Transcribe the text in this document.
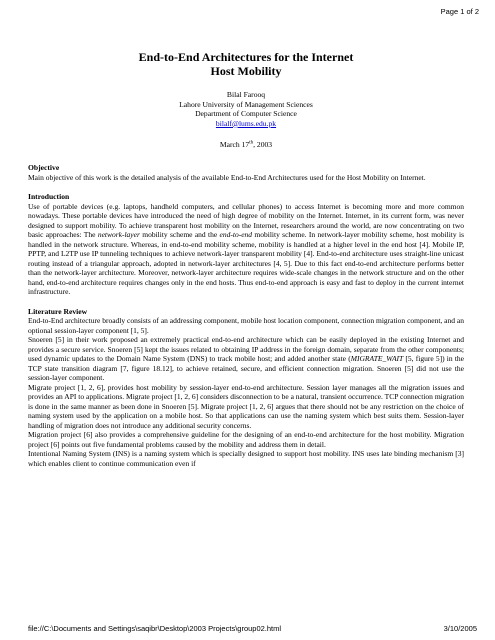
Page 1 of 2
End-to-End Architectures for the Internet
Host Mobility
Bilal Farooq
Lahore University of Management Sciences
Department of Computer Science
bilalf@lums.edu.pk
March 17th, 2003
Objective

Main objective of this work is the detailed analysis of the available End-to-End Architectures used for the Host Mobility on Internet.

Introduction

Use of portable devices (e.g. laptops, handheld computers, and cellular phones) to access Internet is becoming more and more common nowadays. These portable devices have introduced the need of high degree of mobility on the Internet. Internet, in its current form, was never designed to support mobility. To achieve transparent host mobility on the Internet, researchers around the world, are now concentrating on two basic approaches: The network-layer mobility scheme and the end-to-end mobility scheme. In network-layer mobility scheme, host mobility is handled in the network structure. Whereas, in end-to-end mobility scheme, mobility is handled at a higher level in the end host [4]. Mobile IP, PPTP, and L2TP use IP tunneling techniques to achieve network-layer transparent mobility [4]. End-to-end architecture uses straight-line unicast routing instead of a triangular approach, adopted in network-layer architectures [4, 5]. Due to this fact end-to-end architecture performs better than the network-layer architecture. Moreover, network-layer architecture requires wide-scale changes in the network structure and on the other hand, end-to-end architecture requires changes only in the end hosts. Thus end-to-end approach is easy and fast to deploy in the current internet infrastructure.

Literature Review

End-to-End architecture broadly consists of an addressing component, mobile host location component, connection migration component, and an optional session-layer component [1, 5].

Snoeren [5] in their work proposed an extremely practical end-to-end architecture which can be easily deployed in the existing Internet and provides a secure service. Snoeren [5] kept the issues related to obtaining IP address in the foreign domain, separate from the other components; used dynamic updates to the Domain Name System (DNS) to track mobile host; and added another state (MIGRATE_WAIT [5, figure 5]) in the TCP state transition diagram [7, figure 18.12], to achieve retained, secure, and efficient connection migration. Snoeren [5] did not use the session-layer component.

Migrate project [1, 2, 6], provides host mobility by session-layer end-to-end architecture. Session layer manages all the migration issues and provides an API to applications. Migrate project [1, 2, 6] considers disconnection to be a natural, transient occurrence. TCP connection migration is done in the same manner as been done in Snoeren [5]. Migrate project [1, 2, 6] argues that there should not be any restriction on the choice of naming system used by the application on a mobile host. So that applications can use the naming system which best suits them. Session-layer handling of migration does not introduce any additional security concerns.

Migration project [6] also provides a comprehensive guideline for the designing of an end-to-end architecture for the host mobility. Migration project [6] points out five fundamental problems caused by the mobility and address them in detail.

Intentional Naming System (INS) is a naming system which is specially designed to support host mobility. INS uses late binding mechanism [3] which enables client to continue communication even if

file://C:\Documents and Settings\saqibr\Desktop\2003 Projects\group02.html	3/10/2005
